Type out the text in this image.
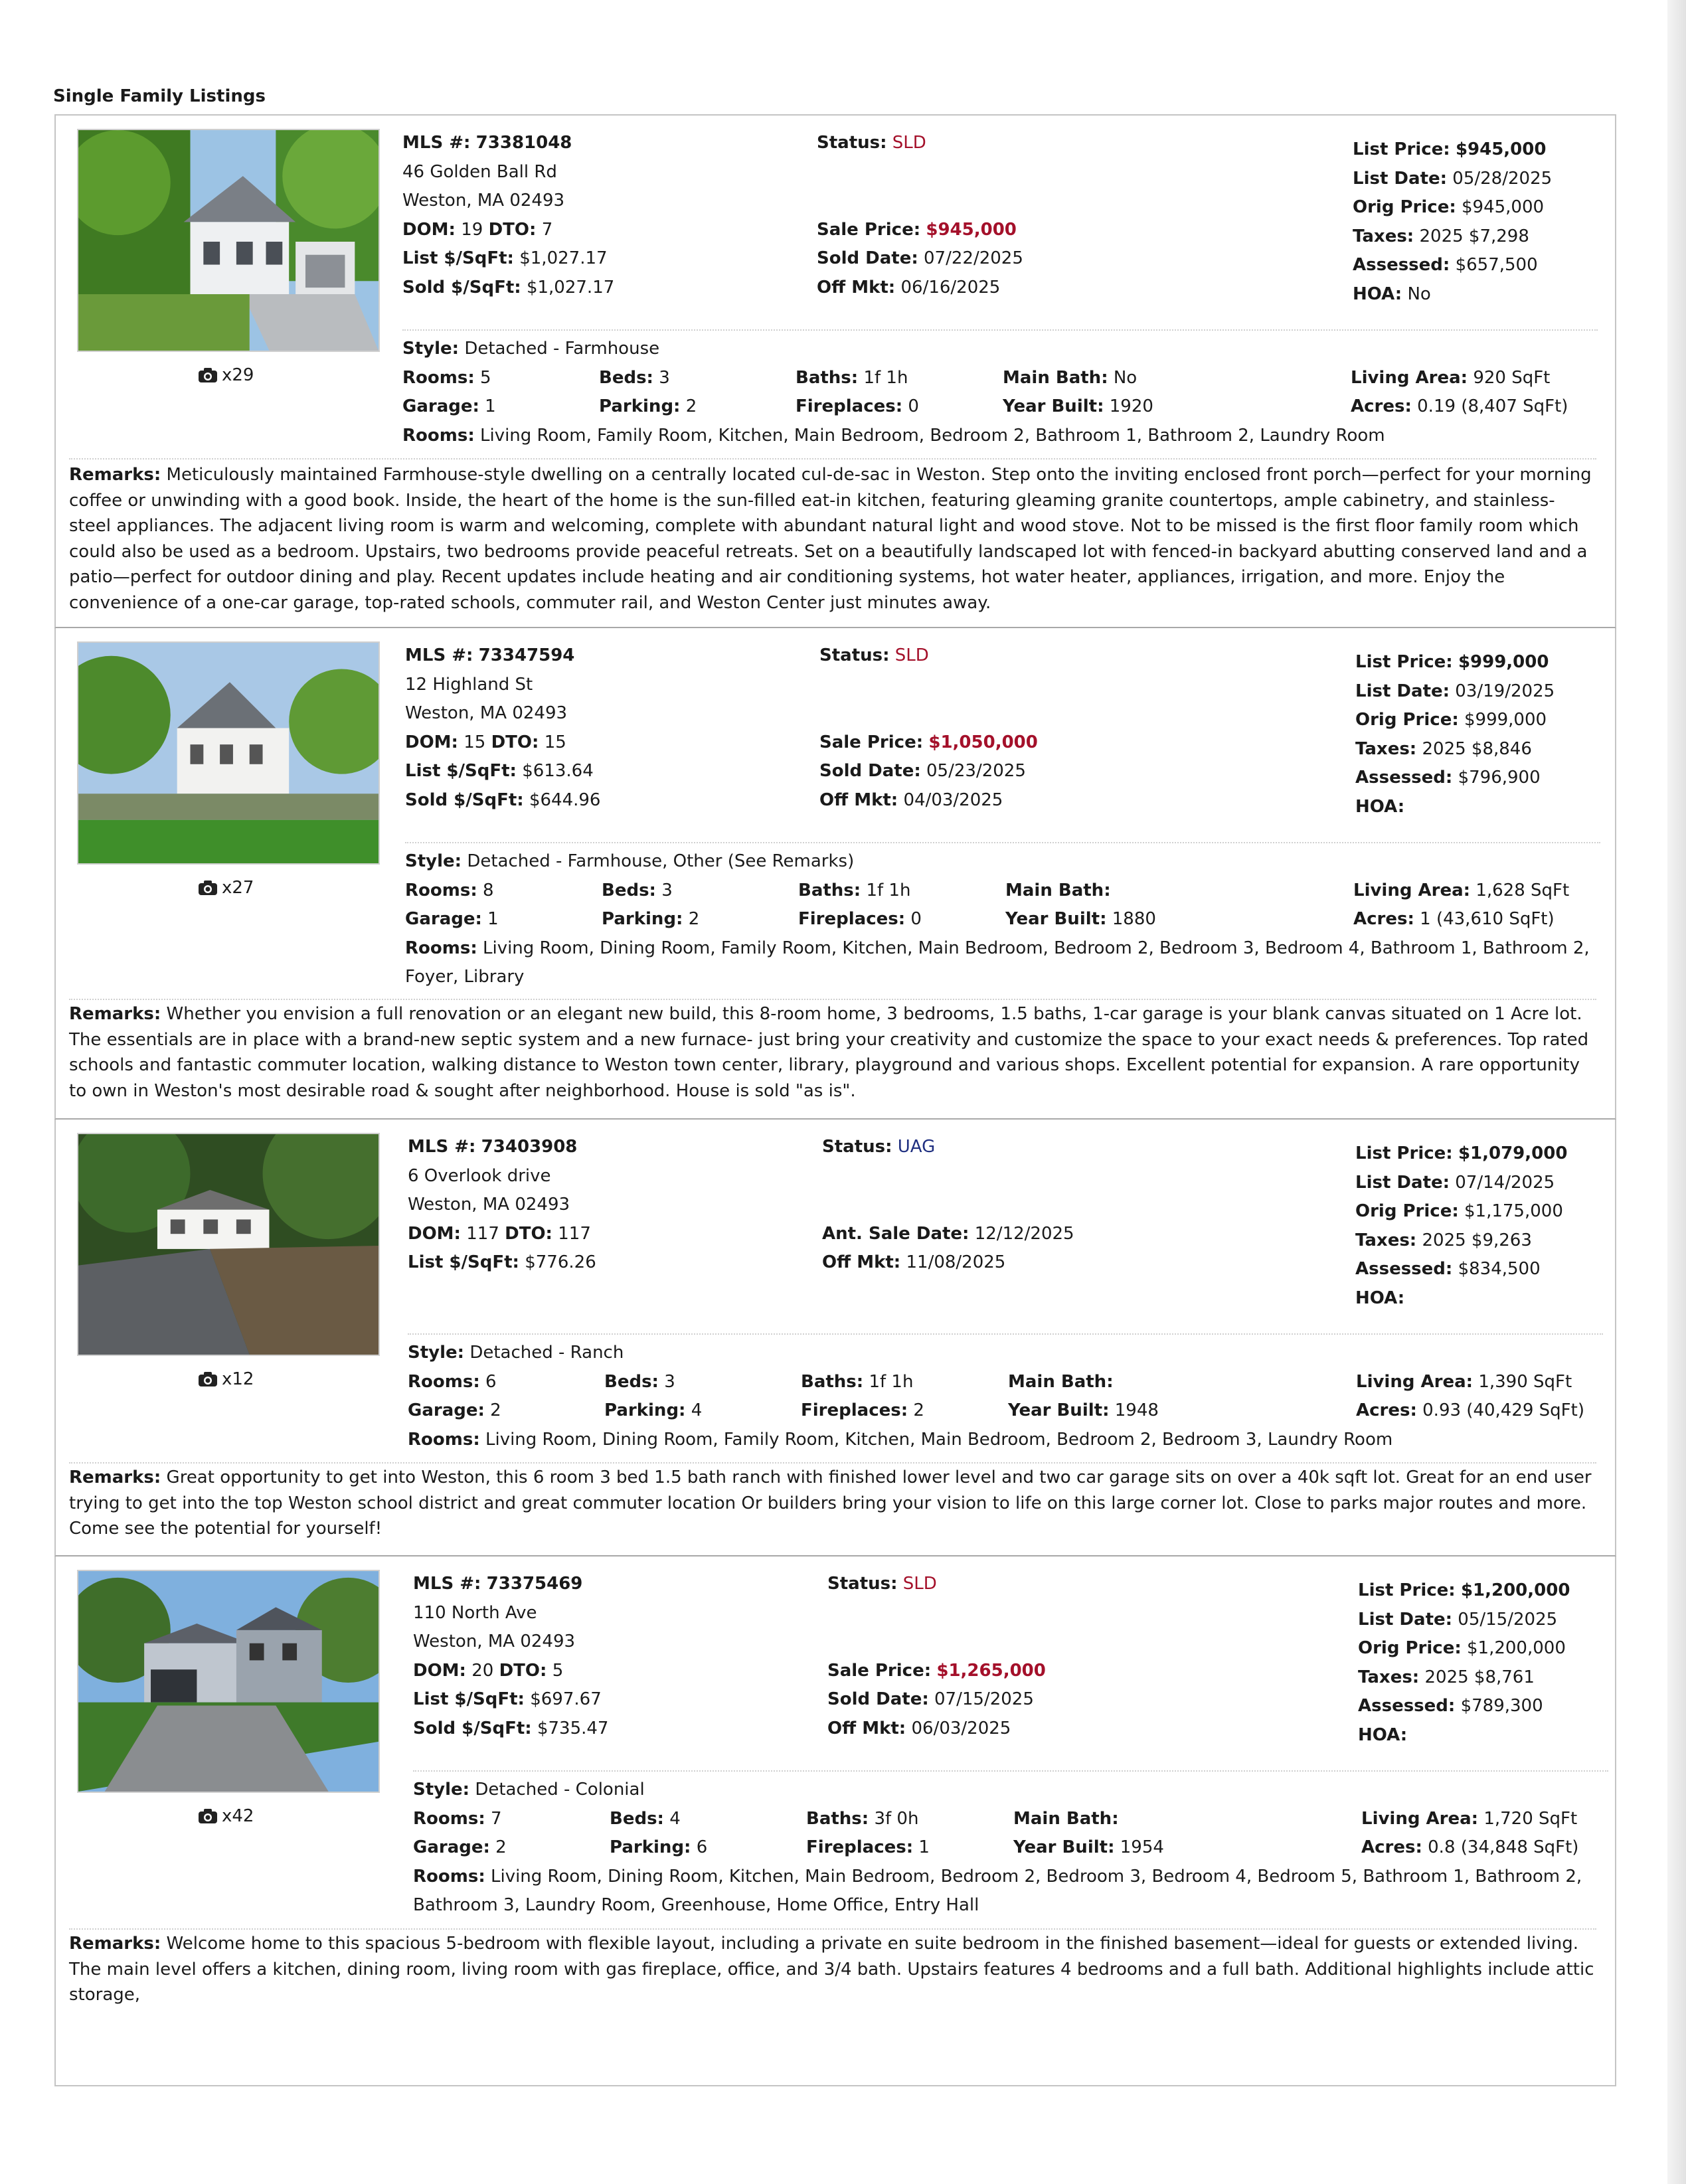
Single Family Listings
x29
MLS #: 73381048
46 Golden Ball Rd
Weston, MA 02493
DOM: 19 DTO: 7
List $/SqFt: $1,027.17
Sold $/SqFt: $1,027.17
Status: SLD
Sale Price: $945,000
Sold Date: 07/22/2025
Off Mkt: 06/16/2025
List Price: $945,000
List Date: 05/28/2025
Orig Price: $945,000
Taxes: 2025 $7,298
Assessed: $657,500
HOA: No
Style: Detached - Farmhouse
Rooms: 5	Beds: 3	Baths: 1f 1h	Main Bath: No	Living Area: 920 SqFt
Garage: 1	Parking: 2	Fireplaces: 0	Year Built: 1920	Acres: 0.19 (8,407 SqFt)
Rooms: Living Room, Family Room, Kitchen, Main Bedroom, Bedroom 2, Bathroom 1, Bathroom 2, Laundry Room
Remarks: Meticulously maintained Farmhouse-style dwelling on a centrally located cul-de-sac in Weston. Step onto the inviting enclosed front porch—perfect for your morning coffee or unwinding with a good book. Inside, the heart of the home is the sun-filled eat-in kitchen, featuring gleaming granite countertops, ample cabinetry, and stainless-steel appliances. The adjacent living room is warm and welcoming, complete with abundant natural light and wood stove. Not to be missed is the first floor family room which could also be used as a bedroom. Upstairs, two bedrooms provide peaceful retreats. Set on a beautifully landscaped lot with fenced-in backyard abutting conserved land and a patio—perfect for outdoor dining and play. Recent updates include heating and air conditioning systems, hot water heater, appliances, irrigation, and more. Enjoy the convenience of a one-car garage, top-rated schools, commuter rail, and Weston Center just minutes away.
x27
MLS #: 73347594
12 Highland St
Weston, MA 02493
DOM: 15 DTO: 15
List $/SqFt: $613.64
Sold $/SqFt: $644.96
Status: SLD
Sale Price: $1,050,000
Sold Date: 05/23/2025
Off Mkt: 04/03/2025
List Price: $999,000
List Date: 03/19/2025
Orig Price: $999,000
Taxes: 2025 $8,846
Assessed: $796,900
HOA:
Style: Detached - Farmhouse, Other (See Remarks)
Rooms: 8	Beds: 3	Baths: 1f 1h	Main Bath:	Living Area: 1,628 SqFt
Garage: 1	Parking: 2	Fireplaces: 0	Year Built: 1880	Acres: 1 (43,610 SqFt)
Rooms: Living Room, Dining Room, Family Room, Kitchen, Main Bedroom, Bedroom 2, Bedroom 3, Bedroom 4, Bathroom 1, Bathroom 2, Foyer, Library
Remarks: Whether you envision a full renovation or an elegant new build, this 8-room home, 3 bedrooms, 1.5 baths, 1-car garage is your blank canvas situated on 1 Acre lot. The essentials are in place with a brand-new septic system and a new furnace- just bring your creativity and customize the space to your exact needs & preferences. Top rated schools and fantastic commuter location, walking distance to Weston town center, library, playground and various shops. Excellent potential for expansion. A rare opportunity to own in Weston's most desirable road & sought after neighborhood. House is sold "as is".
x12
MLS #: 73403908
6 Overlook drive
Weston, MA 02493
DOM: 117 DTO: 117
List $/SqFt: $776.26
Status: UAG
Ant. Sale Date: 12/12/2025
Off Mkt: 11/08/2025
List Price: $1,079,000
List Date: 07/14/2025
Orig Price: $1,175,000
Taxes: 2025 $9,263
Assessed: $834,500
HOA:
Style: Detached - Ranch
Rooms: 6	Beds: 3	Baths: 1f 1h	Main Bath:	Living Area: 1,390 SqFt
Garage: 2	Parking: 4	Fireplaces: 2	Year Built: 1948	Acres: 0.93 (40,429 SqFt)
Rooms: Living Room, Dining Room, Family Room, Kitchen, Main Bedroom, Bedroom 2, Bedroom 3, Laundry Room
Remarks: Great opportunity to get into Weston, this 6 room 3 bed 1.5 bath ranch with finished lower level and two car garage sits on over a 40k sqft lot. Great for an end user trying to get into the top Weston school district and great commuter location Or builders bring your vision to life on this large corner lot. Close to parks major routes and more. Come see the potential for yourself!
x42
MLS #: 73375469
110 North Ave
Weston, MA 02493
DOM: 20 DTO: 5
List $/SqFt: $697.67
Sold $/SqFt: $735.47
Status: SLD
Sale Price: $1,265,000
Sold Date: 07/15/2025
Off Mkt: 06/03/2025
List Price: $1,200,000
List Date: 05/15/2025
Orig Price: $1,200,000
Taxes: 2025 $8,761
Assessed: $789,300
HOA:
Style: Detached - Colonial
Rooms: 7	Beds: 4	Baths: 3f 0h	Main Bath:	Living Area: 1,720 SqFt
Garage: 2	Parking: 6	Fireplaces: 1	Year Built: 1954	Acres: 0.8 (34,848 SqFt)
Rooms: Living Room, Dining Room, Kitchen, Main Bedroom, Bedroom 2, Bedroom 3, Bedroom 4, Bedroom 5, Bathroom 1, Bathroom 2, Bathroom 3, Laundry Room, Greenhouse, Home Office, Entry Hall
Remarks: Welcome home to this spacious 5-bedroom with flexible layout, including a private en suite bedroom in the finished basement—ideal for guests or extended living. The main level offers a kitchen, dining room, living room with gas fireplace, office, and 3/4 bath. Upstairs features 4 bedrooms and a full bath. Additional highlights include attic storage,
